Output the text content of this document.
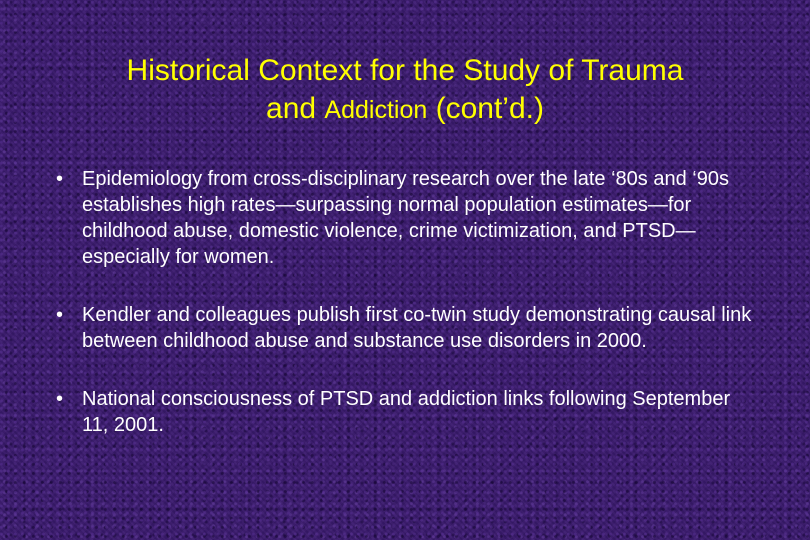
Historical Context for the Study of Trauma
and Addiction (cont’d.)
• Epidemiology from cross-disciplinary research over the late ‘80s and ‘90s establishes high rates—surpassing normal population estimates—for childhood abuse, domestic violence, crime victimization, and PTSD—especially for women.
• Kendler and colleagues publish first co-twin study demonstrating causal link between childhood abuse and substance use disorders in 2000.
• National consciousness of PTSD and addiction links following September 11, 2001.
